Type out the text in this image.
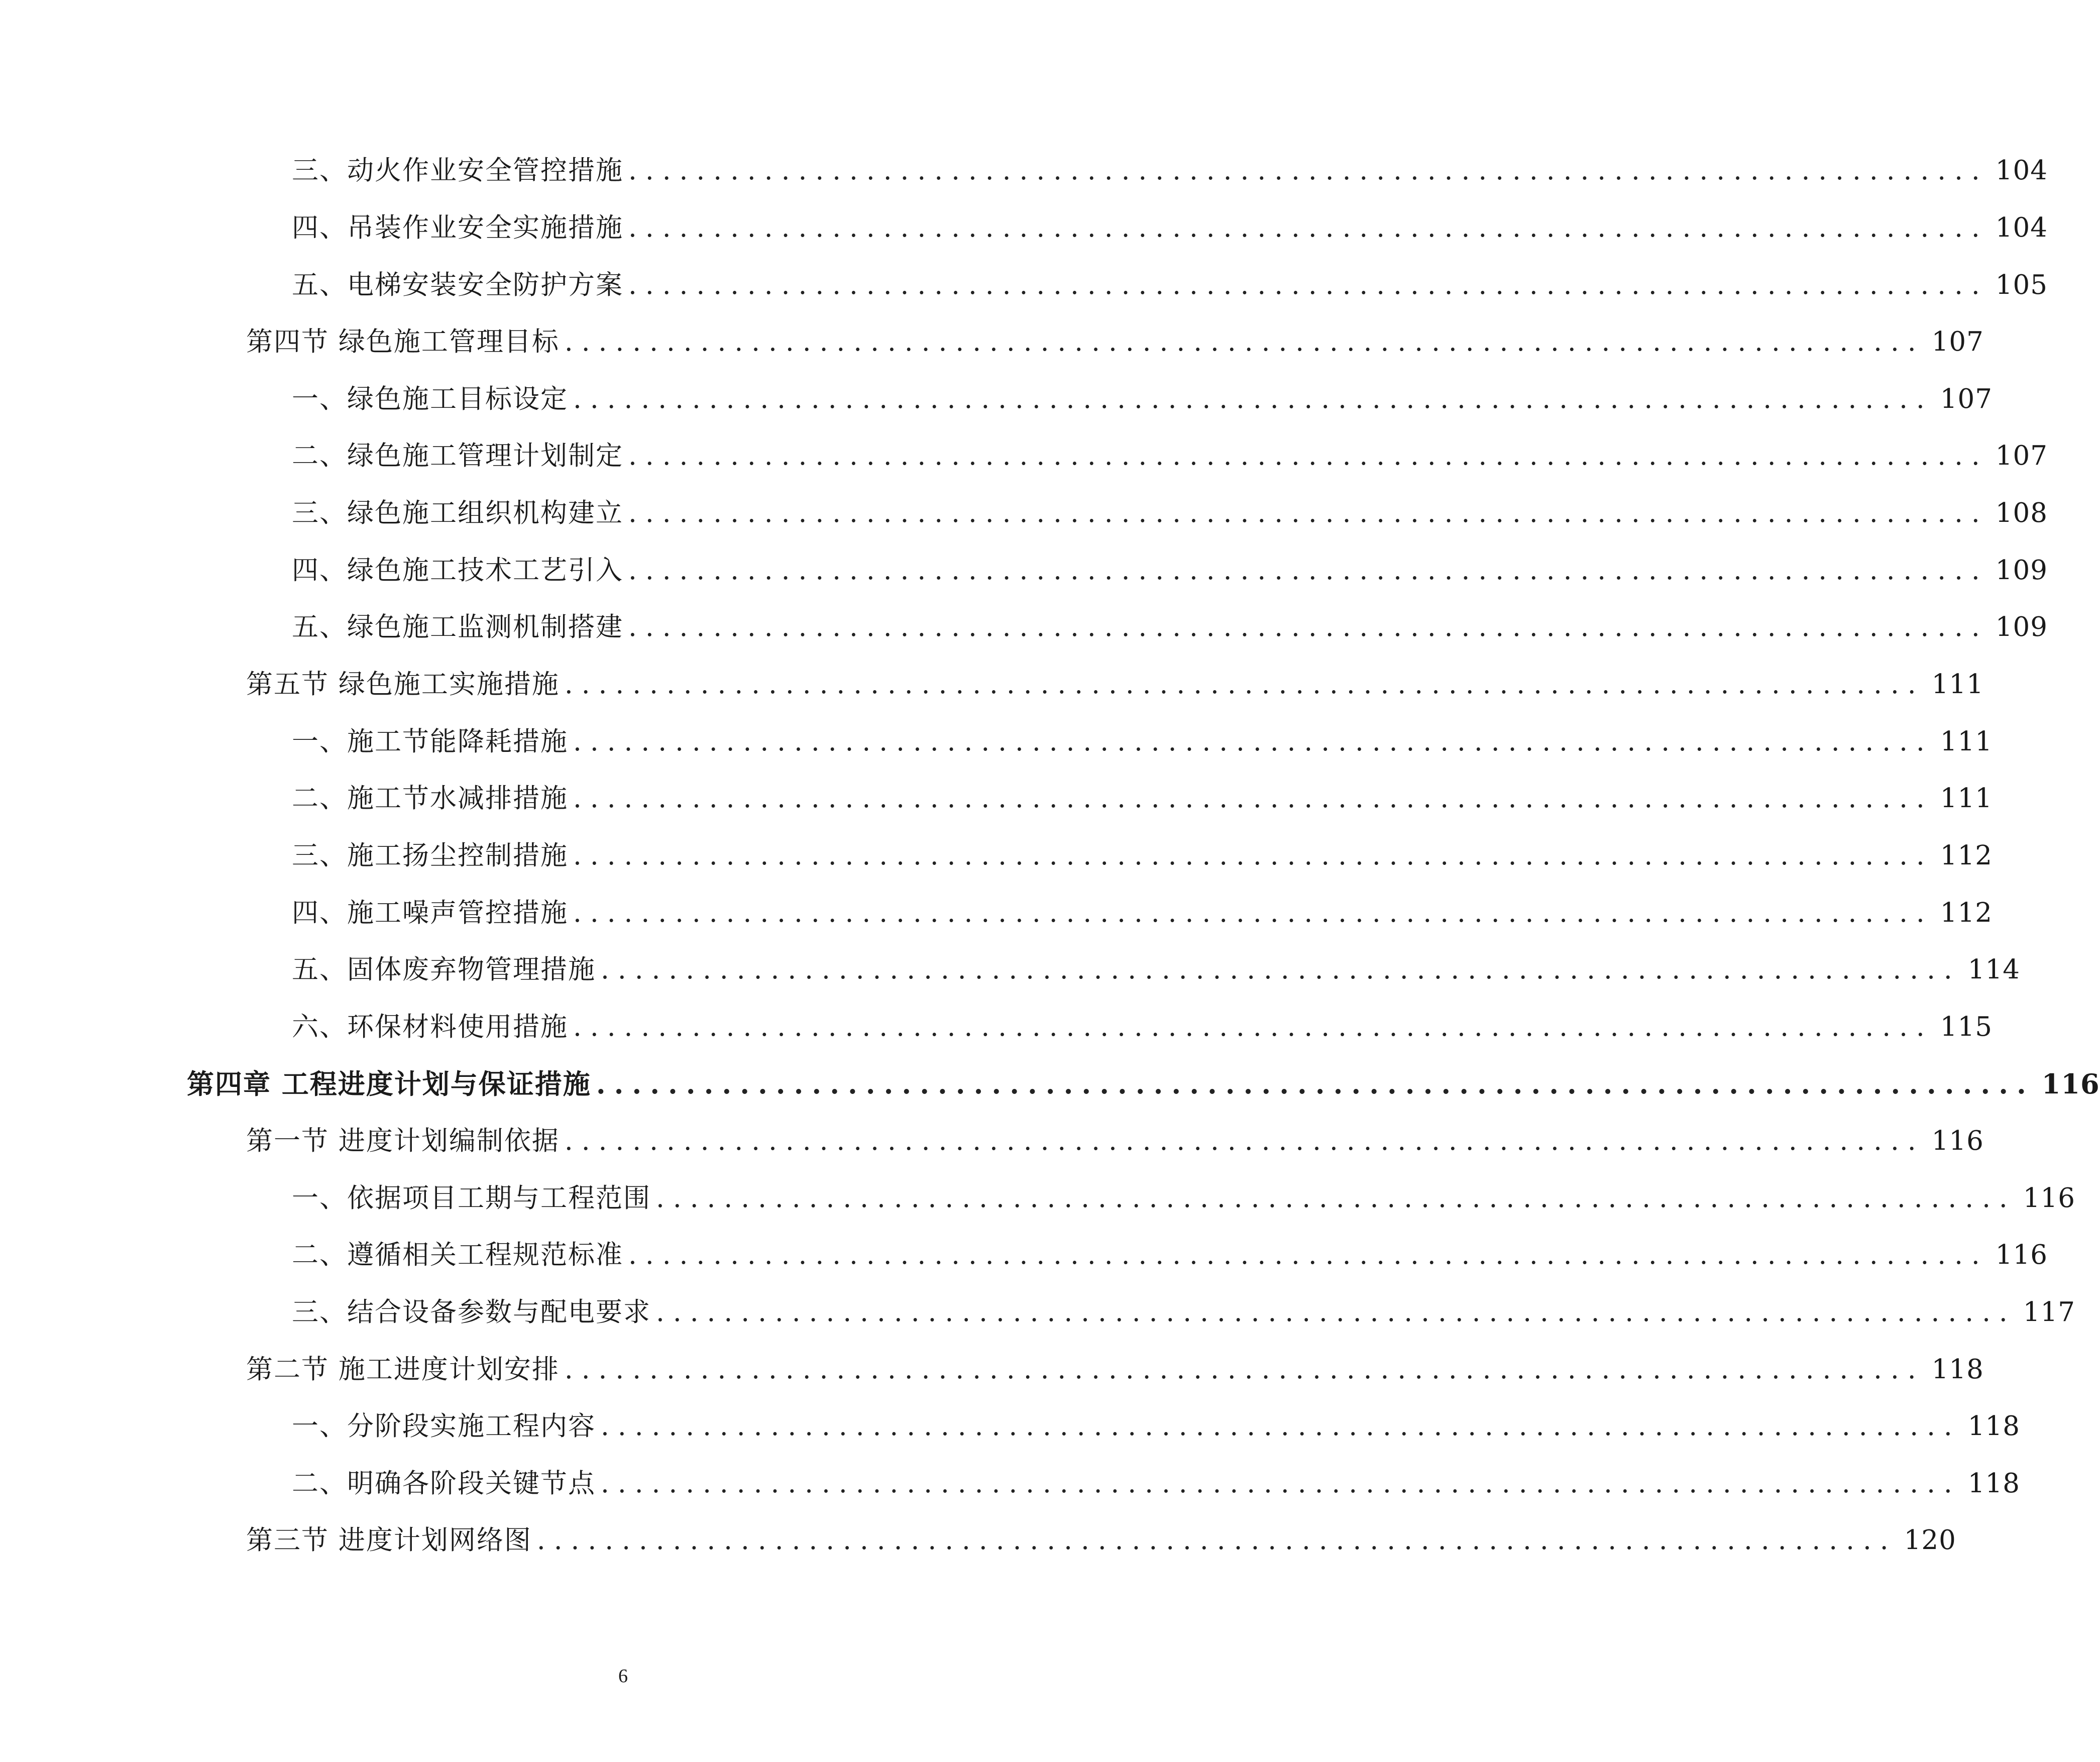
三、动火作业安全管控措施 ................................................................................ 104
四、吊装作业安全实施措施 ................................................................................ 104
五、电梯安装安全防护方案 ................................................................................ 105
第四节 绿色施工管理目标 ................................................................................ 107
一、绿色施工目标设定 ................................................................................ 107
二、绿色施工管理计划制定 ................................................................................ 107
三、绿色施工组织机构建立 ................................................................................ 108
四、绿色施工技术工艺引入 ................................................................................ 109
五、绿色施工监测机制搭建 ................................................................................ 109
第五节 绿色施工实施措施 ................................................................................ 111
一、施工节能降耗措施 ................................................................................ 111
二、施工节水减排措施 ................................................................................ 111
三、施工扬尘控制措施 ................................................................................ 112
四、施工噪声管控措施 ................................................................................ 112
五、固体废弃物管理措施 ................................................................................ 114
六、环保材料使用措施 ................................................................................ 115
第四章 工程进度计划与保证措施 ................................................................................ 116
第一节 进度计划编制依据 ................................................................................ 116
一、依据项目工期与工程范围 ................................................................................ 116
二、遵循相关工程规范标准 ................................................................................ 116
三、结合设备参数与配电要求 ................................................................................ 117
第二节 施工进度计划安排 ................................................................................ 118
一、分阶段实施工程内容 ................................................................................ 118
二、明确各阶段关键节点 ................................................................................ 118
第三节 进度计划网络图 ................................................................................ 120
6
